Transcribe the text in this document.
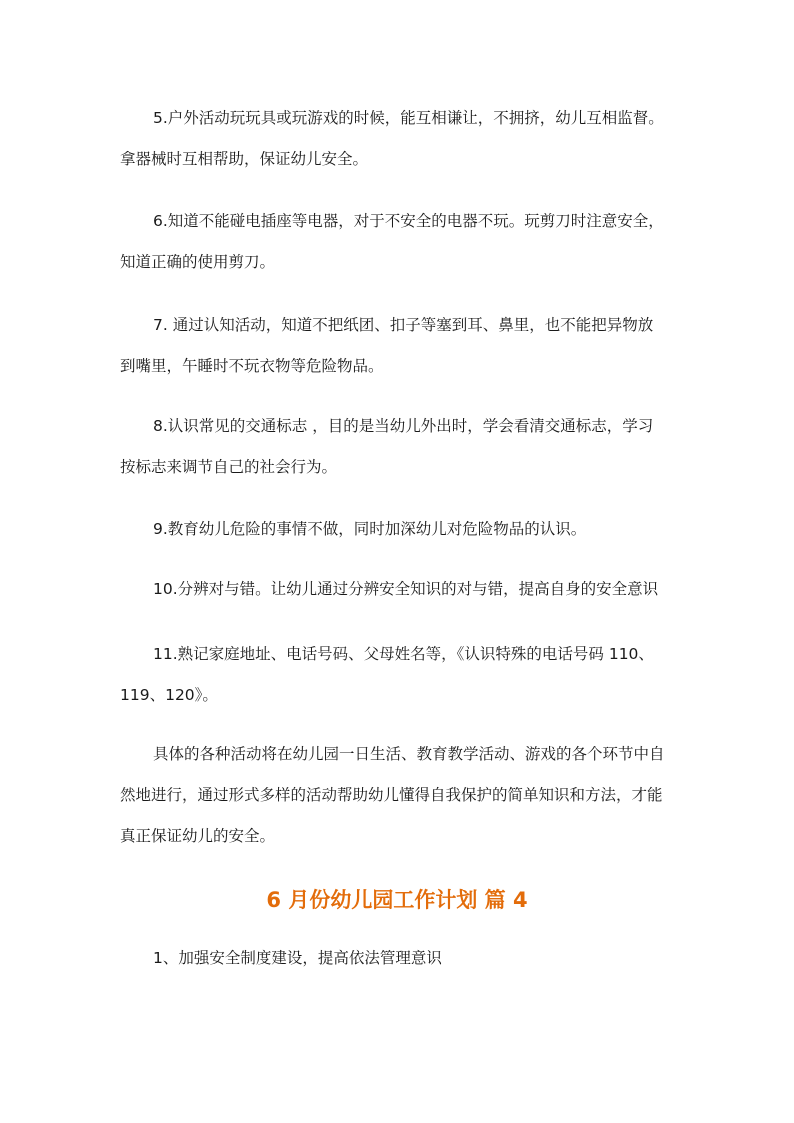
5.户外活动玩玩具或玩游戏的时候，能互相谦让，不拥挤，幼儿互相监督。
拿器械时互相帮助，保证幼儿安全。

6.知道不能碰电插座等电器，对于不安全的电器不玩。玩剪刀时注意安全，
知道正确的使用剪刀。

7. 通过认知活动，知道不把纸团、扣子等塞到耳、鼻里，也不能把异物放
到嘴里，午睡时不玩衣物等危险物品。

8.认识常见的交通标志 ，目的是当幼儿外出时，学会看清交通标志，学习
按标志来调节自己的社会行为。

9.教育幼儿危险的事情不做，同时加深幼儿对危险物品的认识。

10.分辨对与错。让幼儿通过分辨安全知识的对与错，提高自身的安全意识

11.熟记家庭地址、电话号码、父母姓名等，《认识特殊的电话号码 110、
119、120》。

具体的各种活动将在幼儿园一日生活、教育教学活动、游戏的各个环节中自
然地进行，通过形式多样的活动帮助幼儿懂得自我保护的简单知识和方法，才能
真正保证幼儿的安全。

6 月份幼儿园工作计划 篇 4

1、加强安全制度建设，提高依法管理意识
